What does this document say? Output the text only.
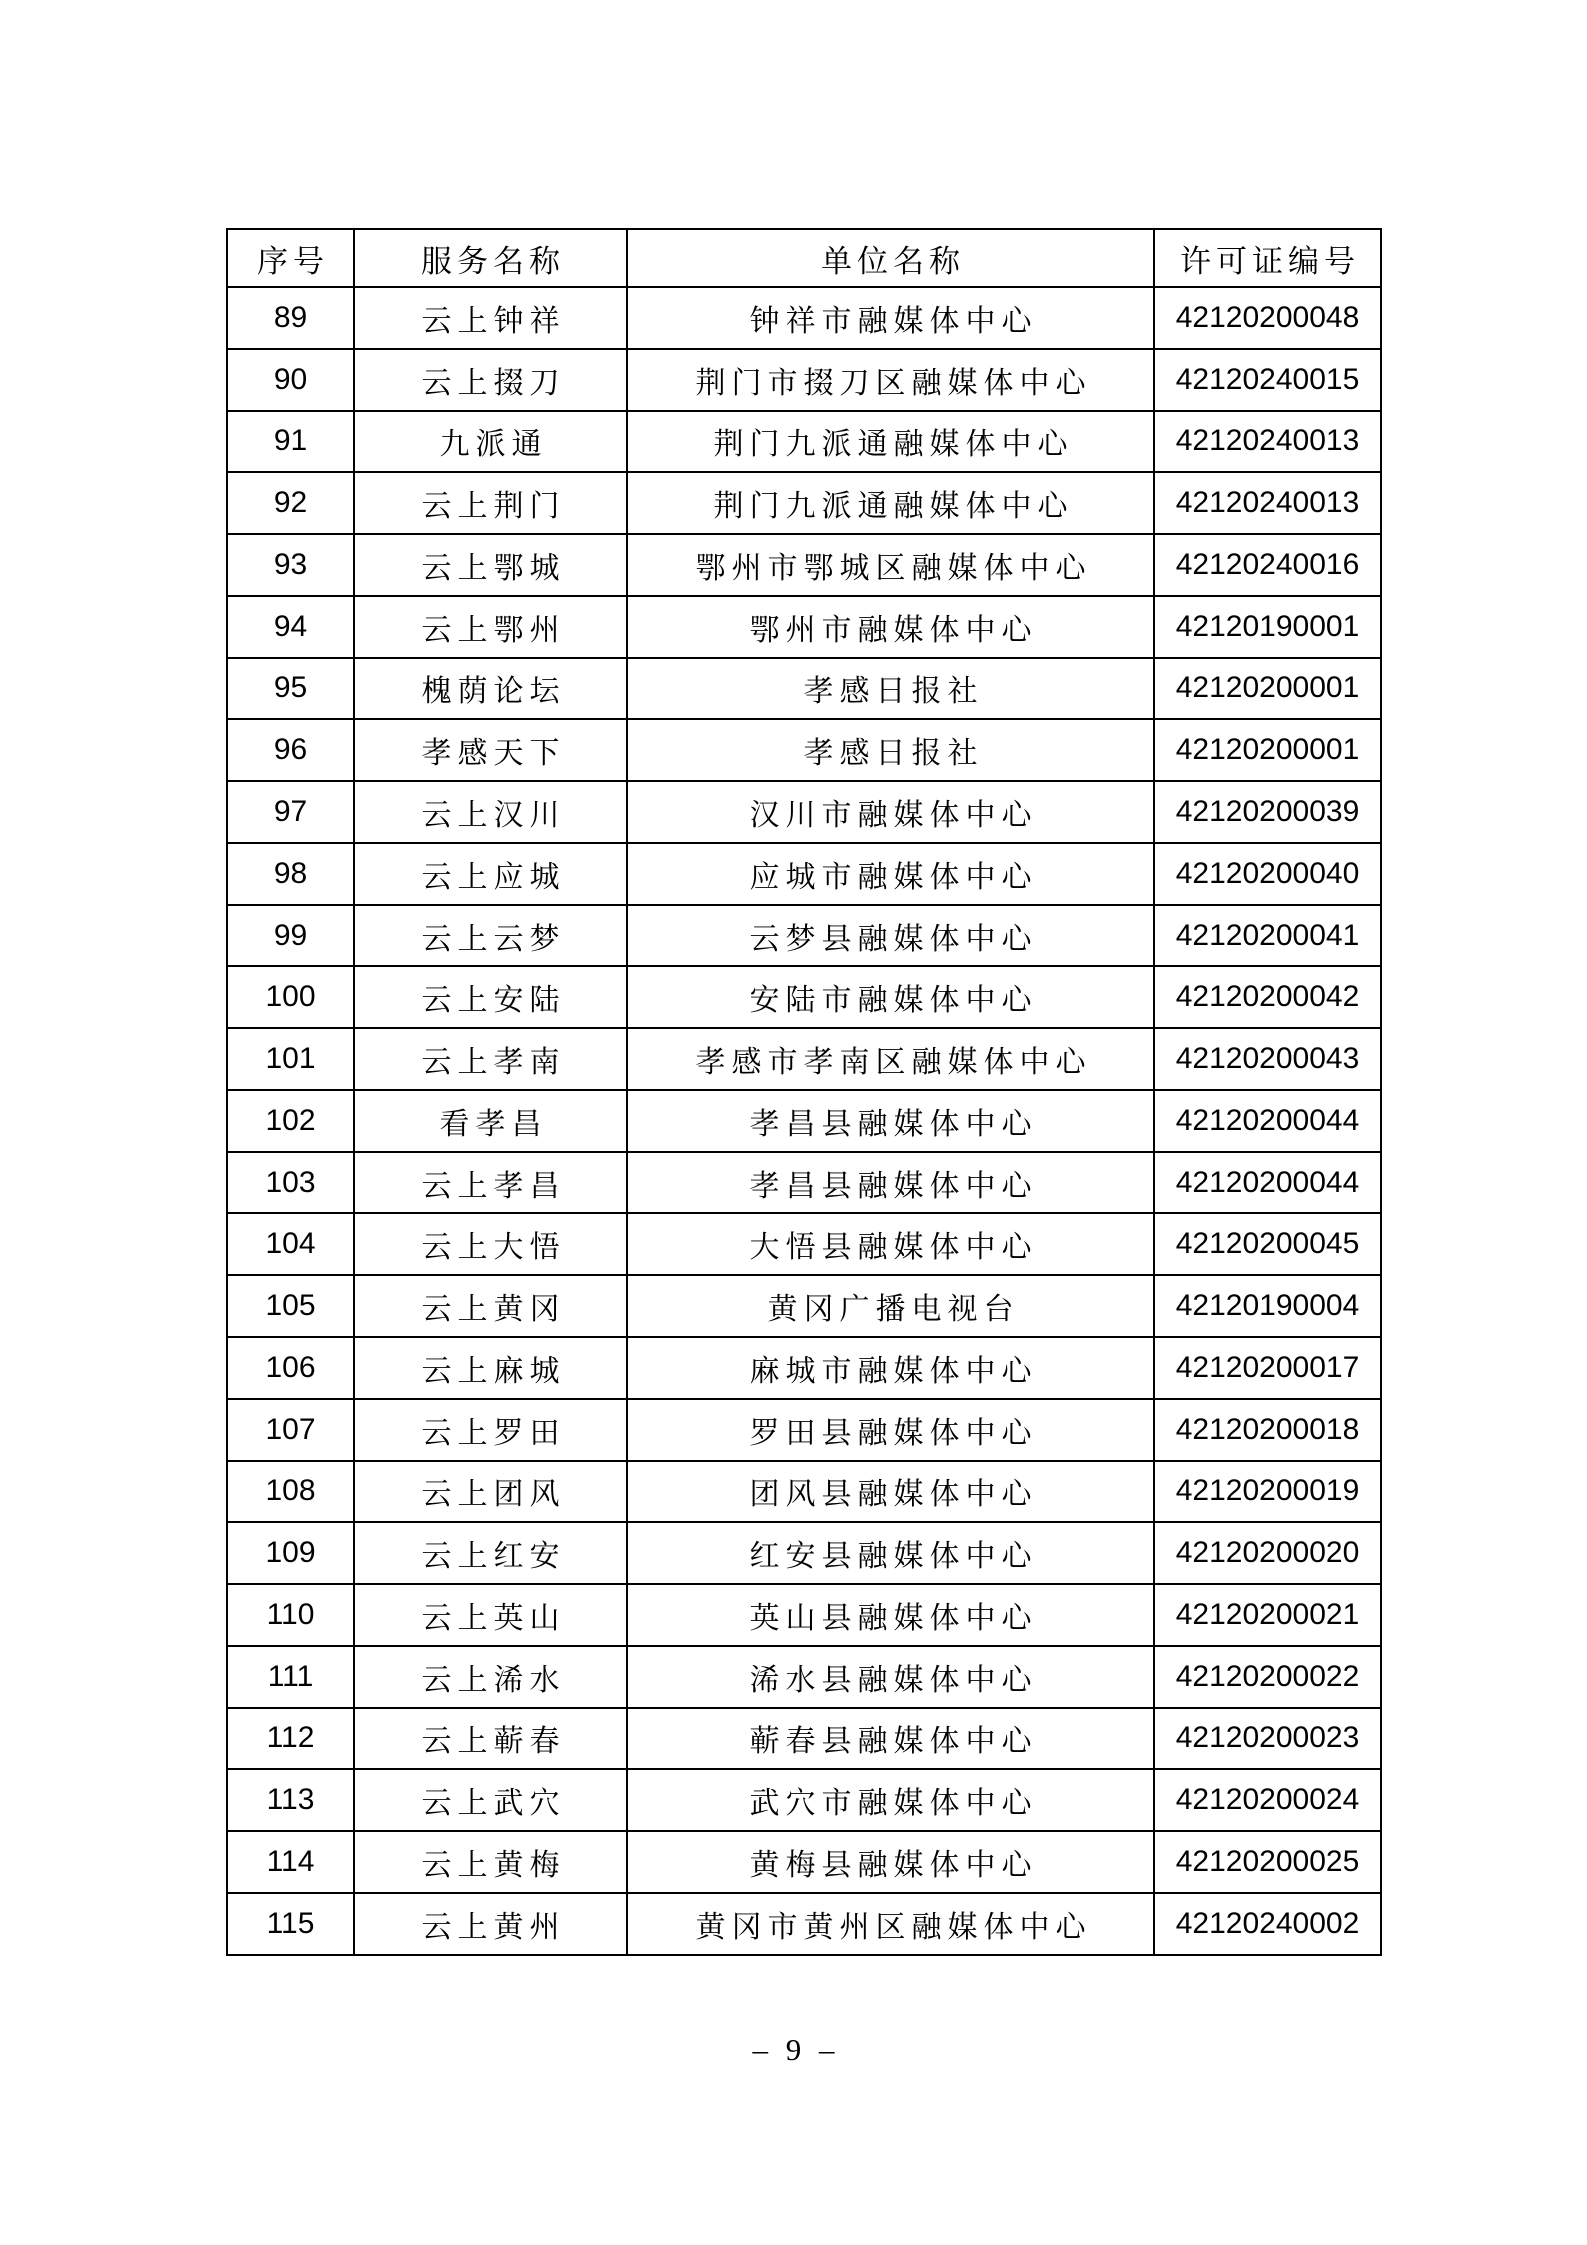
序号	服务名称	单位名称	许可证编号
89	云上钟祥	钟祥市融媒体中心	42120200048
90	云上掇刀	荆门市掇刀区融媒体中心	42120240015
91	九派通	荆门九派通融媒体中心	42120240013
92	云上荆门	荆门九派通融媒体中心	42120240013
93	云上鄂城	鄂州市鄂城区融媒体中心	42120240016
94	云上鄂州	鄂州市融媒体中心	42120190001
95	槐荫论坛	孝感日报社	42120200001
96	孝感天下	孝感日报社	42120200001
97	云上汉川	汉川市融媒体中心	42120200039
98	云上应城	应城市融媒体中心	42120200040
99	云上云梦	云梦县融媒体中心	42120200041
100	云上安陆	安陆市融媒体中心	42120200042
101	云上孝南	孝感市孝南区融媒体中心	42120200043
102	看孝昌	孝昌县融媒体中心	42120200044
103	云上孝昌	孝昌县融媒体中心	42120200044
104	云上大悟	大悟县融媒体中心	42120200045
105	云上黄冈	黄冈广播电视台	42120190004
106	云上麻城	麻城市融媒体中心	42120200017
107	云上罗田	罗田县融媒体中心	42120200018
108	云上团风	团风县融媒体中心	42120200019
109	云上红安	红安县融媒体中心	42120200020
110	云上英山	英山县融媒体中心	42120200021
111	云上浠水	浠水县融媒体中心	42120200022
112	云上蕲春	蕲春县融媒体中心	42120200023
113	云上武穴	武穴市融媒体中心	42120200024
114	云上黄梅	黄梅县融媒体中心	42120200025
115	云上黄州	黄冈市黄州区融媒体中心	42120240002
– 9 –
